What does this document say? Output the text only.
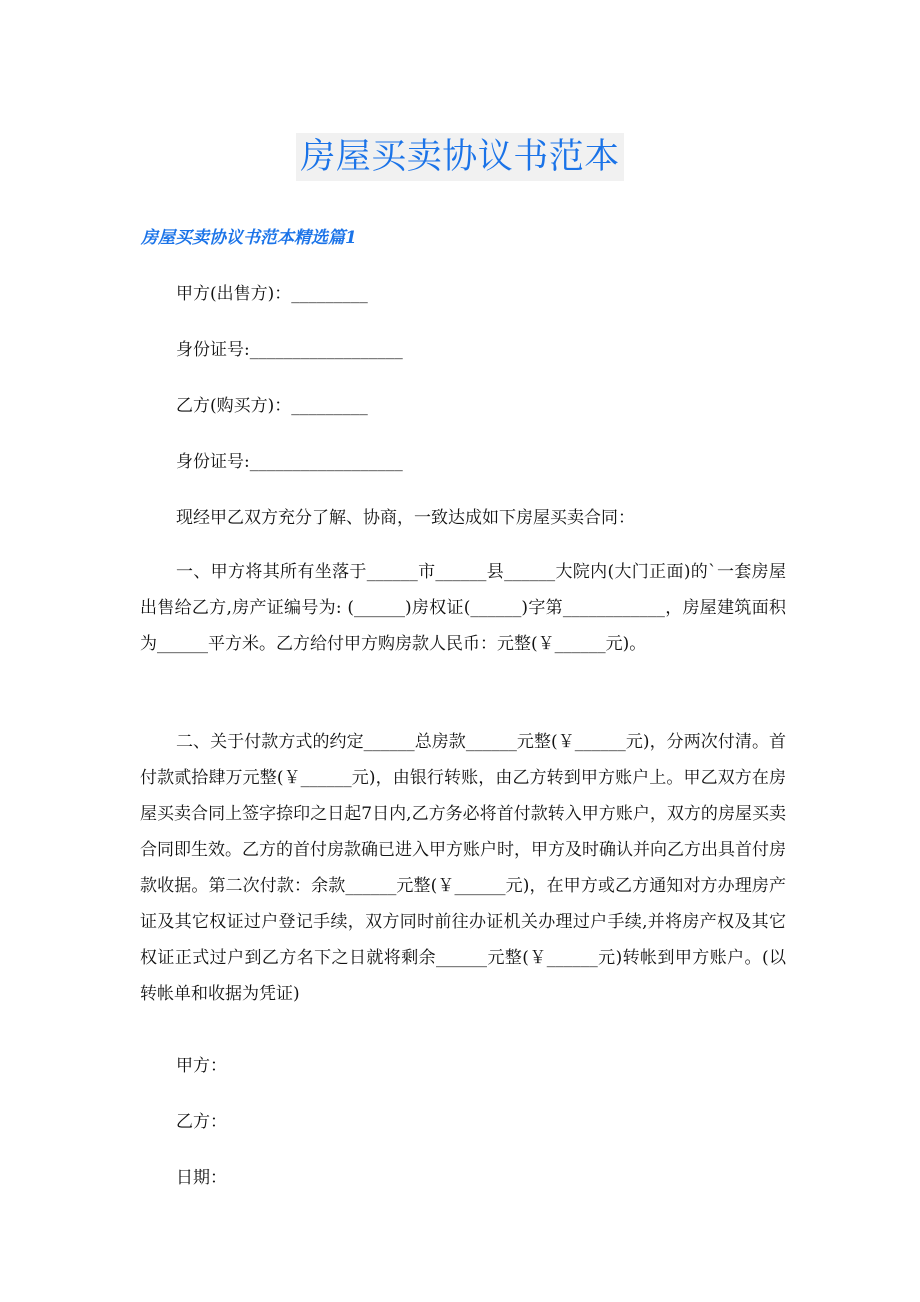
房屋买卖协议书范本
房屋买卖协议书范本精选篇1
甲方(出售方)：_________
身份证号:__________________
乙方(购买方)：_________
身份证号:__________________
现经甲乙双方充分了解、协商，一致达成如下房屋买卖合同：
一、甲方将其所有坐落于______市______县______大院内(大门正面)的`一套房屋出售给乙方,房产证编号为: (______)房权证(______)字第____________，房屋建筑面积为______平方米。乙方给付甲方购房款人民币：元整(￥______元)。
二、关于付款方式的约定______总房款______元整(￥______元)，分两次付清。首付款贰拾肆万元整(￥______元)，由银行转账，由乙方转到甲方账户上。甲乙双方在房屋买卖合同上签字捺印之日起7日内,乙方务必将首付款转入甲方账户，双方的房屋买卖合同即生效。乙方的首付房款确已进入甲方账户时，甲方及时确认并向乙方出具首付房款收据。第二次付款：余款______元整(￥______元)，在甲方或乙方通知对方办理房产证及其它权证过户登记手续，双方同时前往办证机关办理过户手续,并将房产权及其它权证正式过户到乙方名下之日就将剩余______元整(￥______元)转帐到甲方账户。(以转帐单和收据为凭证)
甲方：
乙方：
日期：
